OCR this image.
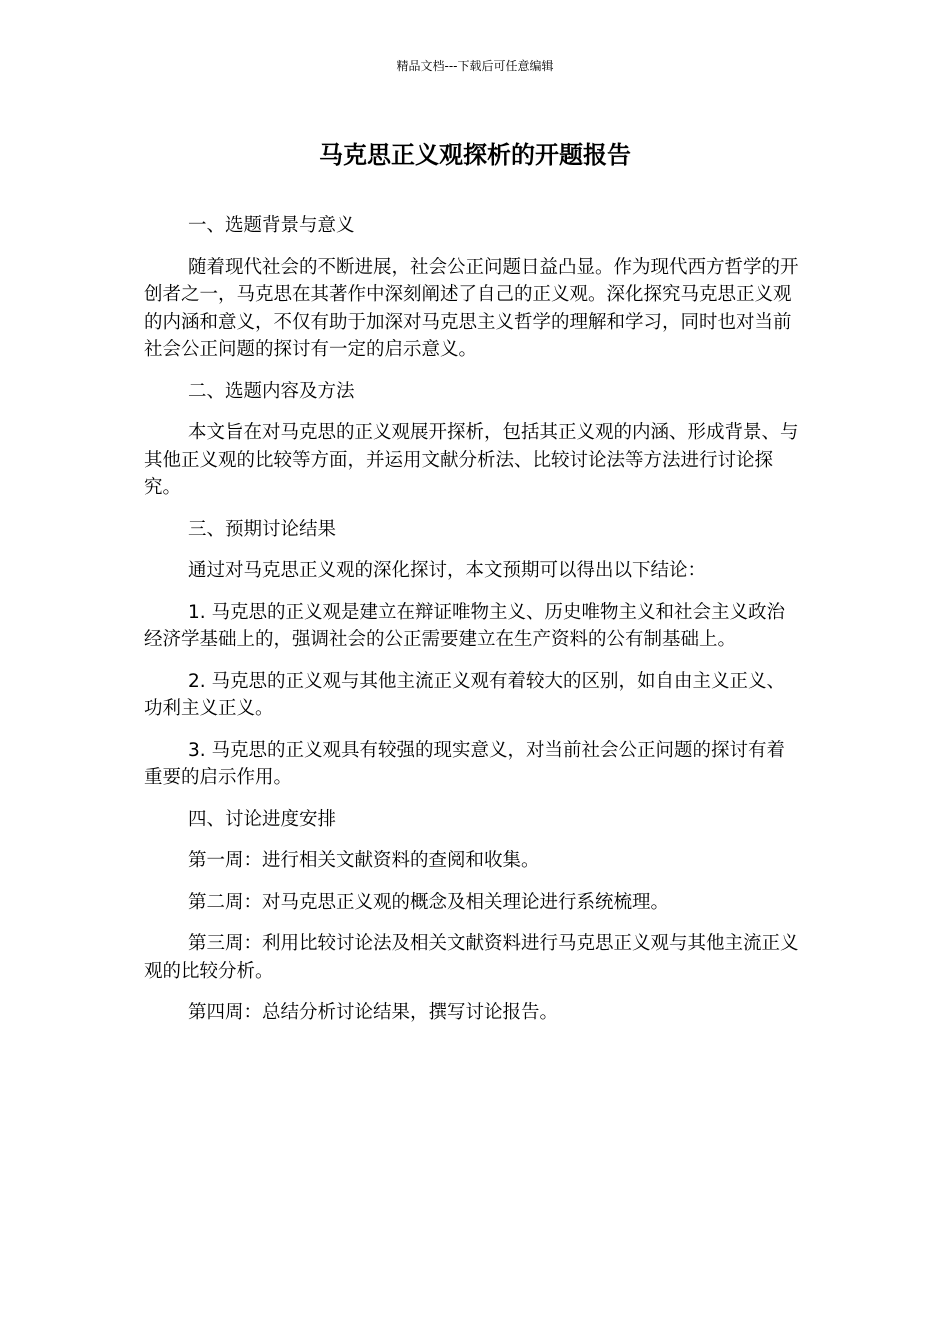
精品文档---下载后可任意编辑
马克思正义观探析的开题报告

一、选题背景与意义

随着现代社会的不断进展，社会公正问题日益凸显。作为现代西方哲学的开创者之一，马克思在其著作中深刻阐述了自己的正义观。深化探究马克思正义观的内涵和意义，不仅有助于加深对马克思主义哲学的理解和学习，同时也对当前社会公正问题的探讨有一定的启示意义。

二、选题内容及方法

本文旨在对马克思的正义观展开探析，包括其正义观的内涵、形成背景、与其他正义观的比较等方面，并运用文献分析法、比较讨论法等方法进行讨论探究。

三、预期讨论结果

通过对马克思正义观的深化探讨，本文预期可以得出以下结论：

1. 马克思的正义观是建立在辩证唯物主义、历史唯物主义和社会主义政治经济学基础上的，强调社会的公正需要建立在生产资料的公有制基础上。

2. 马克思的正义观与其他主流正义观有着较大的区别，如自由主义正义、功利主义正义。

3. 马克思的正义观具有较强的现实意义，对当前社会公正问题的探讨有着重要的启示作用。

四、讨论进度安排

第一周：进行相关文献资料的查阅和收集。

第二周：对马克思正义观的概念及相关理论进行系统梳理。

第三周：利用比较讨论法及相关文献资料进行马克思正义观与其他主流正义观的比较分析。

第四周：总结分析讨论结果，撰写讨论报告。
